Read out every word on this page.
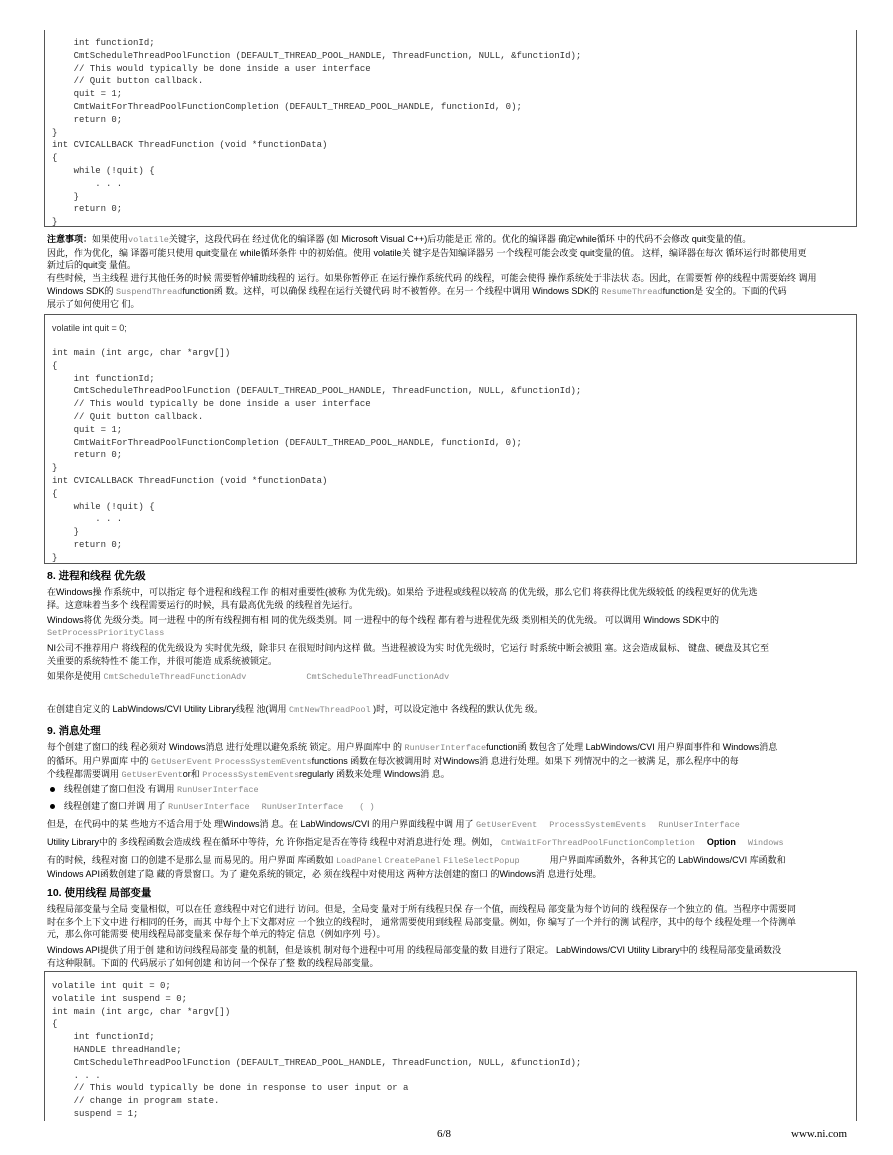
int functionId;
CmtScheduleThreadPoolFunction (DEFAULT_THREAD_POOL_HANDLE, ThreadFunction, NULL, &functionId);
// This would typically be done inside a user interface
// Quit button callback.
quit = 1;
CmtWaitForThreadPoolFunctionCompletion (DEFAULT_THREAD_POOL_HANDLE, functionId, 0);
return 0;
}
int CVICALLBACK ThreadFunction (void *functionData)
{
while (!quit) {
. . .
}
return 0;
}
注意事项：如果使用volatile关键字，这段代码在 经过优化的编译器 (如 Microsoft Visual C++)后功能是正 常的。优化的编译器 确定while循环 中的代码不会修改 quit变量的值。
因此，作为优化，编 译器可能只使用 quit变量在 while循环条件 中的初始值。使用 volatile关 键字是告知编译器另 一个线程可能会改变 quit变量的值。 这样，编译器在每次 循环运行时都使用更
新过后的quit变 量值。
有些时候，当主线程 进行其他任务的时候 需要暂停辅助线程的 运行。如果你暂停正 在运行操作系统代码 的线程，可能会使得 操作系统处于非法状 态。因此，在需要暂 停的线程中需要始终 调用
Windows SDK的 SuspendThreadfunction函 数。这样，可以确保 线程在运行关键代码 时不被暂停。在另一 个线程中调用 Windows SDK的 ResumeThreadfunction是 安全的。下面的代码
展示了如何使用它 们。
volatile int quit = 0;
int main (int argc, char *argv[])
{
int functionId;
CmtScheduleThreadPoolFunction (DEFAULT_THREAD_POOL_HANDLE, ThreadFunction, NULL, &functionId);
// This would typically be done inside a user interface
// Quit button callback.
quit = 1;
CmtWaitForThreadPoolFunctionCompletion (DEFAULT_THREAD_POOL_HANDLE, functionId, 0);
return 0;
}
int CVICALLBACK ThreadFunction (void *functionData)
{
while (!quit) {
. . .
}
return 0;
}
8. 进程和线程 优先级
在Windows操 作系统中，可以指定 每个进程和线程工作 的相对重要性(被称 为优先级)。如果给 予进程或线程以较高 的优先级，那么它们 将获得比优先级较低 的线程更好的优先选
择。这意味着当多个 线程需要运行的时候，具有最高优先级 的线程首先运行。
Windows将优 先级分类。同一进程 中的所有线程拥有相 同的优先级类别。同 一进程中的每个线程 都有着与进程优先级 类别相关的优先级。 可以调用 Windows SDK中的
SetProcessPriorityClass
NI公司不推荐用户 将线程的优先级设为 实时优先级，除非只 在很短时间内这样 做。当进程被设为实 时优先级时，它运行 时系统中断会被阻 塞。这会造成鼠标、 键盘、硬盘及其它至
关重要的系统特性不 能工作，并很可能造 成系统被锁定。
如果你是使用 CmtScheduleThreadFunctionAdv	CmtScheduleThreadFunctionAdv
在创建自定义的 LabWindows/CVI Utility Library线程 池(调用 CmtNewThreadPool )时，可以设定池中 各线程的默认优先 级。
9. 消息处理
每个创建了窗口的线 程必须对 Windows消息 进行处理以避免系统 锁定。用户界面库中 的 RunUserInterfacefunction函 数包含了处理 LabWindows/CVI 用户界面事件和 Windows消息
的循环。用户界面库 中的 GetUserEvent ProcessSystemEventsfunctions 函数在每次被调用时 对Windows消 息进行处理。如果下 列情况中的之一被满 足，那么程序中的每
个线程都需要调用 GetUserEventor和 ProcessSystemEventsregularly 函数来处理 Windows消 息。
线程创建了窗口但没 有调用 RunUserInterface
线程创建了窗口并调 用了 RunUserInterface RunUserInterface ( )
但是，在代码中的某 些地方不适合用于处 理Windows消 息。在 LabWindows/CVI 的用户界面线程中调 用了 GetUserEvent ProcessSystemEvents RunUserInterface
Utility Library中的 多线程函数会造成线 程在循环中等待，允 许你指定是否在等待 线程中对消息进行处 理。例如， CmtWaitForThreadPoolFunctionCompletion Option Windows
有的时候，线程对窗 口的创建不是那么显 而易见的。用户界面 库函数如 LoadPanel CreatePanel FileSelectPopup	用户界面库函数外，各种其它的 LabWindows/CVI 库函数和
Windows API函数创建了隐 藏的背景窗口。为了 避免系统的锁定，必 须在线程中对使用这 两种方法创建的窗口 的Windows消 息进行处理。
10. 使用线程 局部变量
线程局部变量与全局 变量相似，可以在任 意线程中对它们进行 访问。但是，全局变 量对于所有线程只保 存一个值，而线程局 部变量为每个访问的 线程保存一个独立的 值。当程序中需要同
时在多个上下文中进 行相同的任务，而其 中每个上下文都对应 一个独立的线程时， 通常需要使用到线程 局部变量。例如，你 编写了一个并行的测 试程序，其中的每个 线程处理一个待测单
元，那么你可能需要 使用线程局部变量来 保存每个单元的特定 信息（例如序列 号）。
Windows API提供了用于创 建和访问线程局部变 量的机制，但是该机 制对每个进程中可用 的线程局部变量的数 目进行了限定。 LabWindows/CVI Utility Library中的 线程局部变量函数没
有这种限制。下面的 代码展示了如何创建 和访问一个保存了整 数的线程局部变量。
volatile int quit = 0;
volatile int suspend = 0;
int main (int argc, char *argv[])
{
int functionId;
HANDLE threadHandle;
CmtScheduleThreadPoolFunction (DEFAULT_THREAD_POOL_HANDLE, ThreadFunction, NULL, &functionId);
. . .
// This would typically be done in response to user input or a
// change in program state.
suspend = 1;
6/8	www.ni.com
